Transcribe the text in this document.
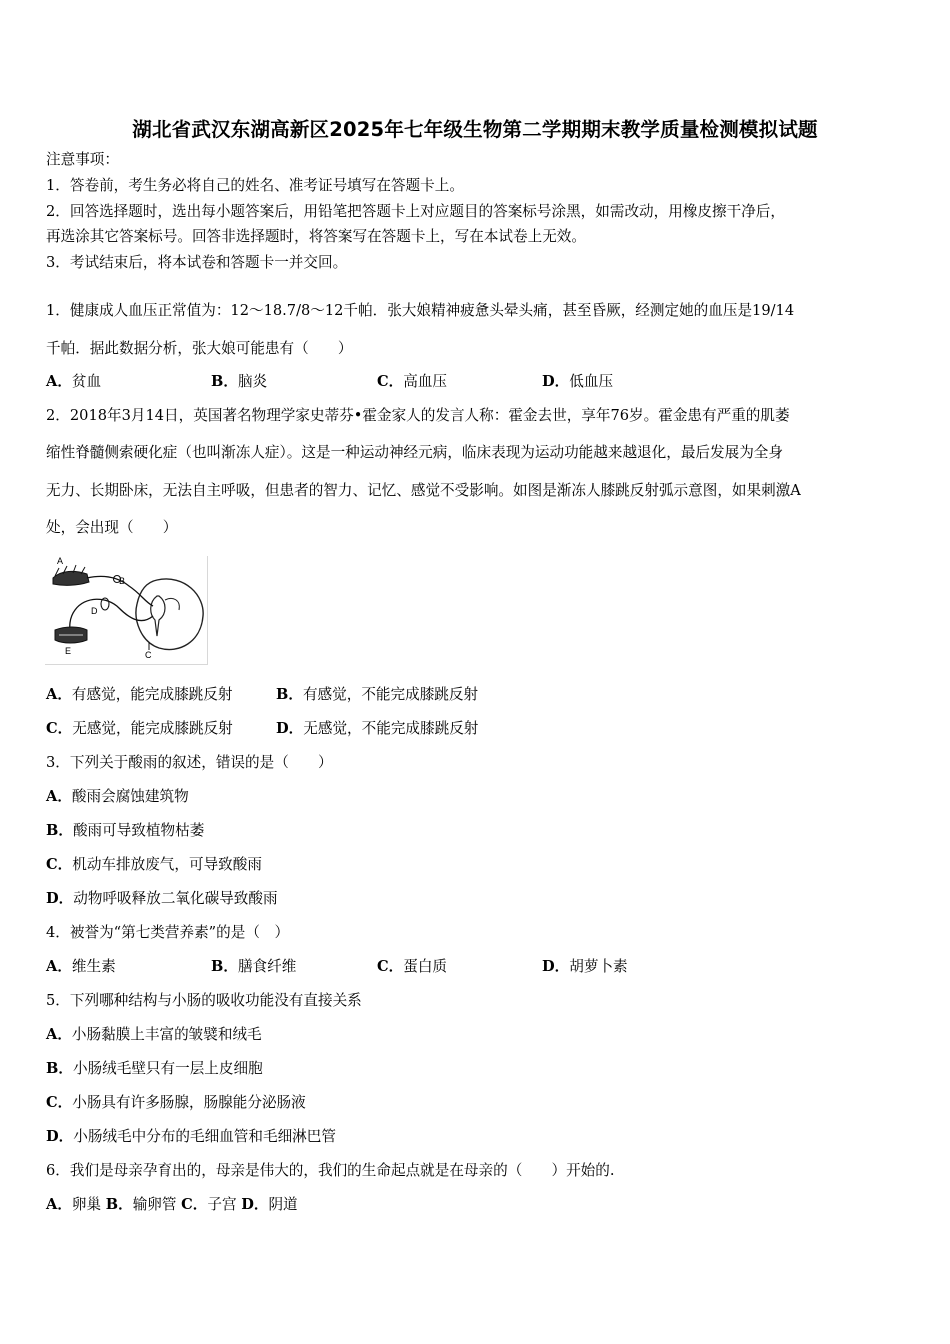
湖北省武汉东湖高新区2025年七年级生物第二学期期末教学质量检测模拟试题
注意事项：
1．答卷前，考生务必将自己的姓名、准考证号填写在答题卡上。
2．回答选择题时，选出每小题答案后，用铅笔把答题卡上对应题目的答案标号涂黑，如需改动，用橡皮擦干净后，
再选涂其它答案标号。回答非选择题时，将答案写在答题卡上，写在本试卷上无效。
3．考试结束后，将本试卷和答题卡一并交回。
1．健康成人血压正常值为：12～18.7/8～12千帕．张大娘精神疲惫头晕头痛，甚至昏厥，经测定她的血压是19/14
千帕．据此数据分析，张大娘可能患有（　　）
A．贫血	B．脑炎	C．高血压	D．低血压
2．2018年3月14日，英国著名物理学家史蒂芬•霍金家人的发言人称：霍金去世，享年76岁。霍金患有严重的肌萎
缩性脊髓侧索硬化症（也叫渐冻人症）。这是一种运动神经元病，临床表现为运动功能越来越退化，最后发展为全身
无力、长期卧床，无法自主呼吸，但患者的智力、记忆、感觉不受影响。如图是渐冻人膝跳反射弧示意图，如果刺激A
处，会出现（　　）
A
B
D
E	C
A．有感觉，能完成膝跳反射	B．有感觉，不能完成膝跳反射
C．无感觉，能完成膝跳反射	D．无感觉，不能完成膝跳反射
3．下列关于酸雨的叙述，错误的是（　　）
A．酸雨会腐蚀建筑物
B．酸雨可导致植物枯萎
C．机动车排放废气，可导致酸雨
D．动物呼吸释放二氧化碳导致酸雨
4．被誉为“第七类营养素”的是（　）
A．维生素	B．膳食纤维	C．蛋白质	D．胡萝卜素
5．下列哪种结构与小肠的吸收功能没有直接关系
A．小肠黏膜上丰富的皱襞和绒毛
B．小肠绒毛壁只有一层上皮细胞
C．小肠具有许多肠腺，肠腺能分泌肠液
D．小肠绒毛中分布的毛细血管和毛细淋巴管
6．我们是母亲孕育出的，母亲是伟大的，我们的生命起点就是在母亲的（　　）开始的.
A．卵巢 B．输卵管 C．子宫 D．阴道
